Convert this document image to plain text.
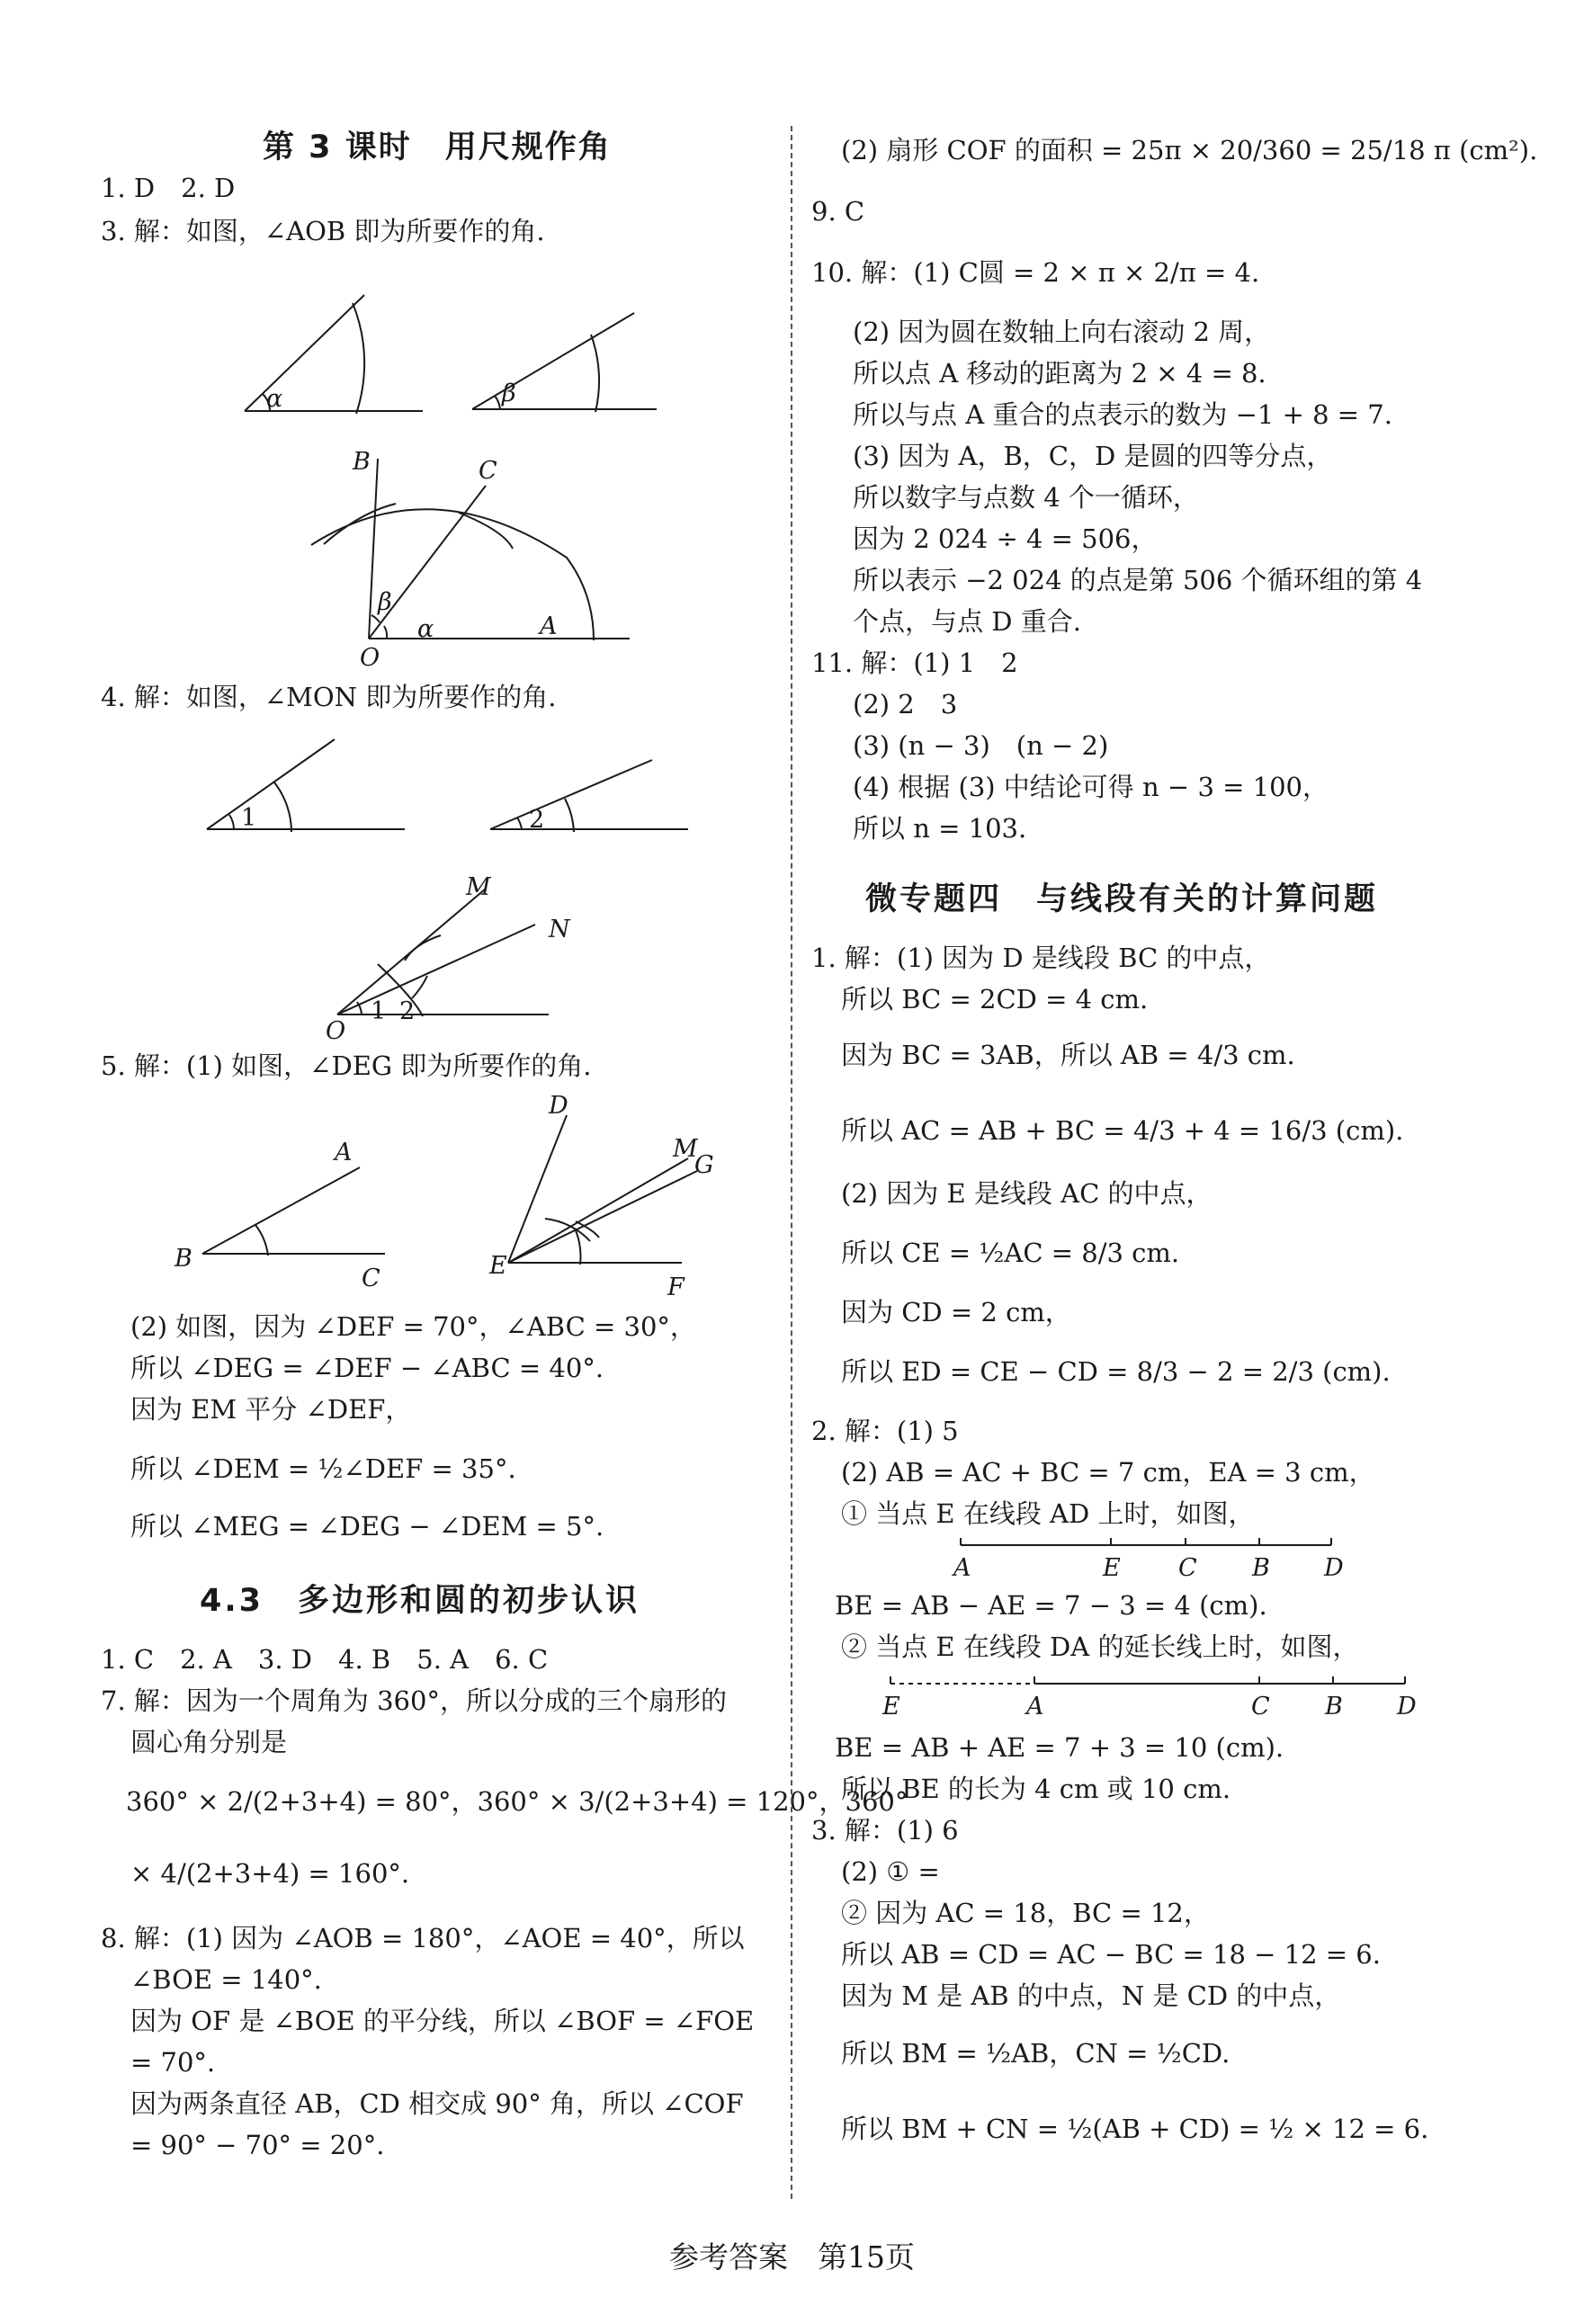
第 3 课时　用尺规作角
1. D　2. D
3. 解：如图，∠AOB 即为所要作的角.
α	β
B	C
β
α
O
A
4. 解：如图，∠MON 即为所要作的角.
1	2
M
N
1 2
O
5. 解：(1) 如图，∠DEG 即为所要作的角.
A
B
C
D
E
F
M
G
(2) 如图，因为 ∠DEF = 70°，∠ABC = 30°，
所以 ∠DEG = ∠DEF − ∠ABC = 40°.
因为 EM 平分 ∠DEF，
所以 ∠DEM = ½∠DEF = 35°.
所以 ∠MEG = ∠DEG − ∠DEM = 5°.
4.3　多边形和圆的初步认识
1. C　2. A　3. D　4. B　5. A　6. C
7. 解：因为一个周角为 360°，所以分成的三个扇形的
圆心角分别是
360° × 2/(2+3+4) = 80°，360° × 3/(2+3+4) = 120°，360°
× 4/(2+3+4) = 160°.
8. 解：(1) 因为 ∠AOB = 180°，∠AOE = 40°，所以
∠BOE = 140°.
因为 OF 是 ∠BOE 的平分线，所以 ∠BOF = ∠FOE
= 70°.
因为两条直径 AB，CD 相交成 90° 角，所以 ∠COF
= 90° − 70° = 20°.
(2) 扇形 COF 的面积 = 25π × 20/360 = 25/18 π (cm²).
9. C
10. 解：(1) C圆 = 2 × π × 2/π = 4.
(2) 因为圆在数轴上向右滚动 2 周，
所以点 A 移动的距离为 2 × 4 = 8.
所以与点 A 重合的点表示的数为 −1 + 8 = 7.
(3) 因为 A，B，C，D 是圆的四等分点，
所以数字与点数 4 个一循环，
因为 2 024 ÷ 4 = 506，
所以表示 −2 024 的点是第 506 个循环组的第 4
个点，与点 D 重合.
11. 解：(1) 1　2
(2) 2　3
(3) (n − 3)　(n − 2)
(4) 根据 (3) 中结论可得 n − 3 = 100，
所以 n = 103.
微专题四　与线段有关的计算问题
1. 解：(1) 因为 D 是线段 BC 的中点，
所以 BC = 2CD = 4 cm.
因为 BC = 3AB，所以 AB = 4/3 cm.
所以 AC = AB + BC = 4/3 + 4 = 16/3 (cm).
(2) 因为 E 是线段 AC 的中点，
所以 CE = ½AC = 8/3 cm.
因为 CD = 2 cm，
所以 ED = CE − CD = 8/3 − 2 = 2/3 (cm).
2. 解：(1) 5
(2) AB = AC + BC = 7 cm，EA = 3 cm，
① 当点 E 在线段 AD 上时，如图，
A	E C B D
BE = AB − AE = 7 − 3 = 4 (cm).
② 当点 E 在线段 DA 的延长线上时，如图，
E	A	C B D
BE = AB + AE = 7 + 3 = 10 (cm).
所以 BE 的长为 4 cm 或 10 cm.
3. 解：(1) 6
(2) ① =
② 因为 AC = 18，BC = 12，
所以 AB = CD = AC − BC = 18 − 12 = 6.
因为 M 是 AB 的中点，N 是 CD 的中点，
所以 BM = ½AB，CN = ½CD.
所以 BM + CN = ½(AB + CD) = ½ × 12 = 6.
参考答案　第15页
